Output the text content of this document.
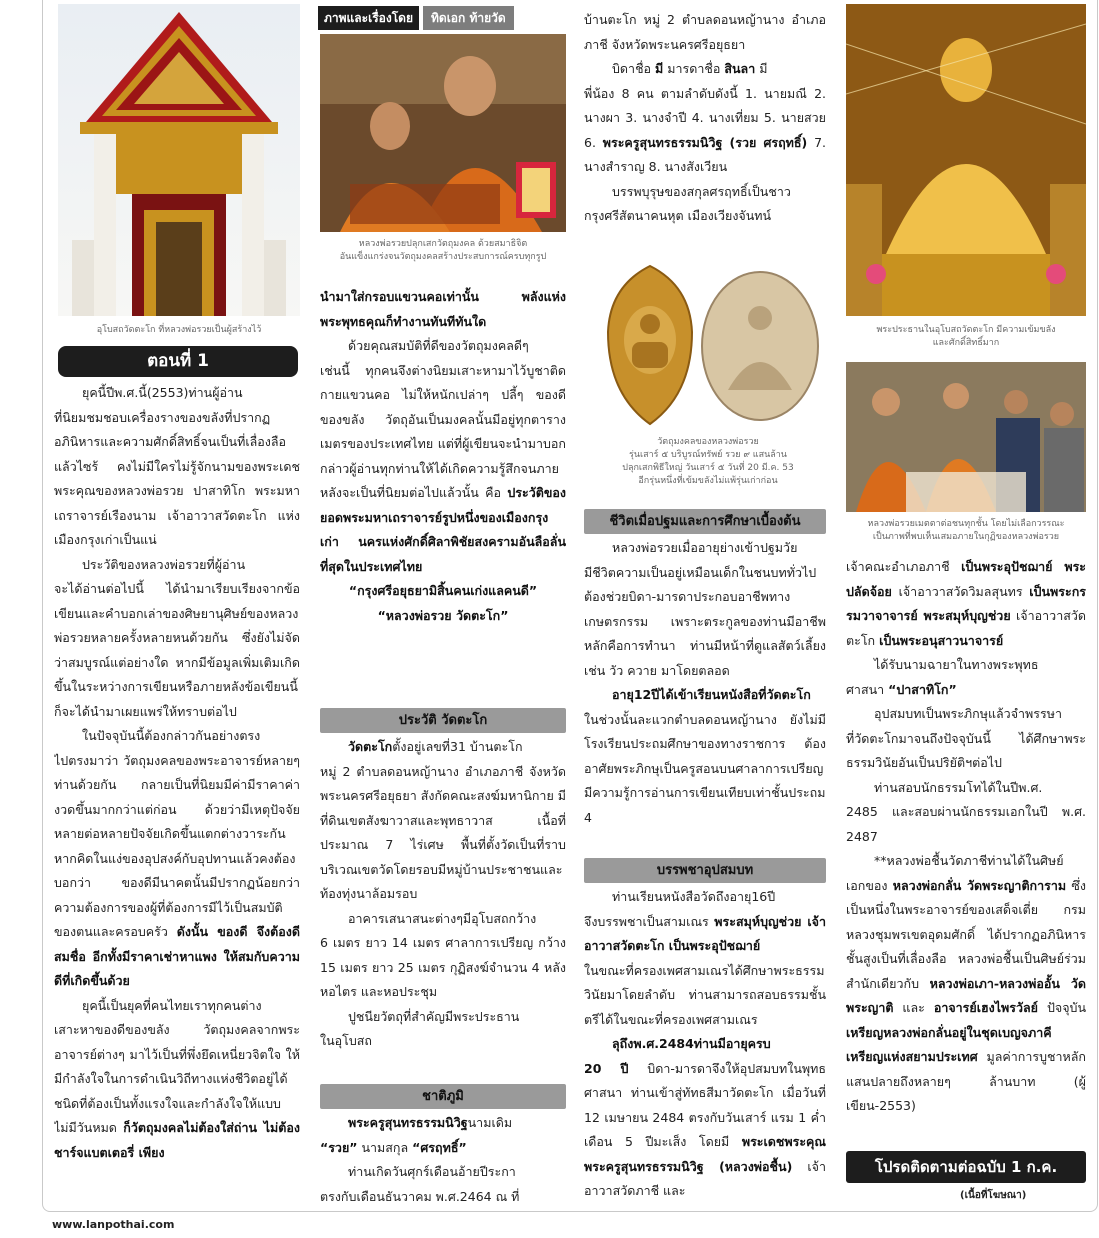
อุโบสถวัดตะโก ที่หลวงพ่อรวยเป็นผู้สร้างไว้
ตอนที่ 1

ยุคนี้ปีพ.ศ.นี้(2553)ท่านผู้อ่าน
ที่นิยมชมชอบเครื่องรางของขลังที่ปรากฏอภินิหารและความศักดิ์สิทธิ์จนเป็นที่เลื่องลือแล้วไซร้ คงไม่มีใครไม่รู้จักนามของพระเดชพระคุณของหลวงพ่อรวย ปาสาทิโก พระมหาเถราจารย์เรืองนาม เจ้าอาวาสวัดตะโก แห่งเมืองกรุงเก่าเป็นแน่

ประวัติของหลวงพ่อรวยที่ผู้อ่าน
จะได้อ่านต่อไปนี้ ได้นำมาเรียบเรียงจากข้อเขียนและคำบอกเล่าของศิษยานุศิษย์ของหลวงพ่อรวยหลายครั้งหลายหนด้วยกัน ซึ่งยังไม่จัดว่าสมบูรณ์แต่อย่างใด หากมีข้อมูลเพิ่มเติมเกิดขึ้นในระหว่างการเขียนหรือภายหลังข้อเขียนนี้ ก็จะได้นำมาเผยแพร่ให้ทราบต่อไป

ในปัจจุบันนี้ต้องกล่าวกันอย่างตรง
ไปตรงมาว่า วัตถุมงคลของพระอาจารย์หลายๆ ท่านด้วยกัน กลายเป็นที่นิยมมีค่ามีราคาค่างวดขึ้นมากกว่าแต่ก่อน ด้วยว่ามีเหตุปัจจัยหลายต่อหลายปัจจัยเกิดขึ้นแตกต่างวาระกัน หากคิดในแง่ของอุปสงค์กับอุปทานแล้วคงต้องบอกว่า ของดีมีนาคตนั้นมีปรากฏน้อยกว่าความต้องการของผู้ที่ต้องการมีไว้เป็นสมบัติของตนและครอบครัว ดังนั้น ของดี จึงต้องดีสมชื่อ อีกทั้งมีราคาเช่าหาแพง ให้สมกับความดีที่เกิดขึ้นด้วย

ยุคนี้เป็นยุคที่คนไทยเราทุกคนต่าง
เสาะหาของดีของขลัง วัตถุมงคลจากพระอาจารย์ต่างๆ มาไว้เป็นที่พึ่งยึดเหนี่ยวจิตใจ ให้มีกำลังใจในการดำเนินวิถีทางแห่งชีวิตอยู่ได้ ชนิดที่ต้องเป็นทั้งแรงใจและกำลังใจให้แบบไม่มีวันหมด ก็วัตถุมงคลไม่ต้องใส่ถ่าน ไม่ต้องชาร์จแบตเตอรี่ เพียง

ภาพและเรื่องโดย	ทิดเอก ท้ายวัด
หลวงพ่อรวยปลุกเสกวัตถุมงคล ด้วยสมาธิจิต
อันแข็งแกร่งจนวัตถุมงคลสร้างประสบการณ์ครบทุกรูป

นำมาใส่กรอบแขวนคอเท่านั้น พลังแห่งพระพุทธคุณก็ทำงานทันทีทันใด

ด้วยคุณสมบัติที่ดีของวัตถุมงคลดีๆ
เช่นนี้ ทุกคนจึงต่างนิยมเสาะหามาไว้บูชาติดกายแขวนคอ ไม่ให้หนักเปล่าๆ ปลี้ๆ ของดี ของขลัง วัตถุอันเป็นมงคลนั้นมีอยู่ทุกตารางเมตรของประเทศไทย แต่ที่ผู้เขียนจะนำมาบอกกล่าวผู้อ่านทุกท่านให้ได้เกิดความรู้สึกจนภายหลังจะเป็นที่นิยมต่อไปแล้วนั้น คือ ประวัติของยอดพระมหาเถราจารย์รูปหนึ่งของเมืองกรุงเก่า นครแห่งศักดิ์ศิลาพิชัยสงครามอันลือลั่นที่สุดในประเทศไทย

“กรุงศรีอยุธยามิสิ้นคนเก่งแลคนดี”

“หลวงพ่อรวย วัดตะโก”

ประวัติ วัดตะโก

วัดตะโกตั้งอยู่เลขที่31 บ้านตะโก
หมู่ 2 ตำบลดอนหญ้านาง อำเภอภาชี จังหวัดพระนครศรีอยุธยา สังกัดคณะสงฆ์มหานิกาย มีที่ดินเขตสังฆาวาสและพุทธาวาส เนื้อที่ประมาณ 7 ไร่เศษ พื้นที่ตั้งวัดเป็นที่ราบ บริเวณเขตวัดโดยรอบมีหมู่บ้านประชาชนและท้องทุ่งนาล้อมรอบ

อาคารเสนาสนะต่างๆมีอุโบสถกว้าง
6 เมตร ยาว 14 เมตร ศาลาการเปรียญ กว้าง 15 เมตร ยาว 25 เมตร กุฏิสงฆ์จำนวน 4 หลัง หอไตร และหอประชุม

ปูชนียวัตถุที่สำคัญมีพระประธาน
ในอุโบสถ

ชาติภูมิ

พระครูสุนทรธรรมนิวิฐนามเดิม
“รวย” นามสกุล “ศรฤทธิ์”

ท่านเกิดวันศุกร์เดือนอ้ายปีระกา
ตรงกับเดือนธันวาคม พ.ศ.2464 ณ ที่

บ้านตะโก หมู่ 2 ตำบลดอนหญ้านาง อำเภอภาชี จังหวัดพระนครศรีอยุธยา

บิดาชื่อ มี มารดาชื่อ สินลา มี
พี่น้อง 8 คน ตามลำดับดังนี้ 1. นายมณี 2. นางผา 3. นางจำปี 4. นางเที่ยม 5. นายสวย 6. พระครูสุนทรธรรมนิวิฐ (รวย ศรฤทธิ์) 7. นางสำราญ 8. นางสังเวียน

บรรพบุรุษของสกุลศรฤทธิ์เป็นชาว
กรุงศรีสัตนาคนหุต เมืองเวียงจันทน์

วัตถุมงคลของหลวงพ่อรวย
รุ่นเสาร์ ๕ บริบูรณ์ทรัพย์ รวย ๙ แสนล้าน
ปลุกเสกพิธีใหญ่ วันเสาร์ ๕ วันที่ 20 มี.ค. 53
อีกรุ่นหนึ่งที่เข้มขลังไม่แพ้รุ่นเก่าก่อน
ชีวิตเมื่อปฐมและการศึกษาเบื้องต้น

หลวงพ่อรวยเมื่ออายุย่างเข้าปฐมวัย
มีชีวิตความเป็นอยู่เหมือนเด็กในชนบททั่วไป ต้องช่วยบิดา-มารดาประกอบอาชีพทางเกษตรกรรม เพราะตระกูลของท่านมีอาชีพหลักคือการทำนา ท่านมีหน้าที่ดูแลสัตว์เลี้ยง เช่น วัว ควาย มาโดยตลอด

อายุ12ปีได้เข้าเรียนหนังสือที่วัดตะโก ในช่วงนั้นละแวกตำบลดอนหญ้านาง ยังไม่มีโรงเรียนประถมศึกษาของทางราชการ ต้องอาศัยพระภิกษุเป็นครูสอนบนศาลาการเปรียญ มีความรู้การอ่านการเขียนเทียบเท่าชั้นประถม 4

บรรพชาอุปสมบท

ท่านเรียนหนังสือวัดถึงอายุ16ปี
จึงบรรพชาเป็นสามเณร พระสมุห์บุญช่วย เจ้าอาวาสวัดตะโก เป็นพระอุปัชฌาย์
ในขณะที่ครองเพศสามเณรได้ศึกษาพระธรรมวินัยมาโดยลำดับ ท่านสามารถสอบธรรมชั้นตรีได้ในขณะที่ครองเพศสามเณร

ลุถึงพ.ศ.2484ท่านมีอายุครบ
20 ปี บิดา-มารดาจึงให้อุปสมบทในพุทธศาสนา ท่านเข้าสู่ทัทธสีมาวัดตะโก เมื่อวันที่ 12 เมษายน 2484 ตรงกับวันเสาร์ แรม 1 ค่ำ เดือน 5 ปีมะเส็ง โดยมี พระเดชพระคุณพระครูสุนทรธรรมนิวิฐ (หลวงพ่อชื้น) เจ้าอาวาสวัดภาชี และ

พระประธานในอุโบสถวัดตะโก มีความเข้มขลัง
และศักดิ์สิทธิ์มาก
หลวงพ่อรวยเมตตาต่อชนทุกชั้น โดยไม่เลือกวรรณะ
เป็นภาพที่พบเห็นเสมอภายในกุฏิของหลวงพ่อรวย

เจ้าคณะอำเภอภาชี เป็นพระอุปัชฌาย์ พระปลัดจ้อย เจ้าอาวาสวัดวิมลสุนทร เป็นพระกรรมวาจาจารย์ พระสมุห์บุญช่วย เจ้าอาวาสวัดตะโก เป็นพระอนุสาวนาจารย์

ได้รับนามฉายาในทางพระพุทธ
ศาสนา “ปาสาทิโก”

อุปสมบทเป็นพระภิกษุแล้วจำพรรษา
ที่วัดตะโกมาจนถึงปัจจุบันนี้ ได้ศึกษาพระธรรมวินัยอันเป็นปริยัติฯต่อไป

ท่านสอบนักธรรมโทได้ในปีพ.ศ.
2485 และสอบผ่านนักธรรมเอกในปี พ.ศ. 2487

**หลวงพ่อชื้นวัดภาชีท่านได้ในศิษย์
เอกของ หลวงพ่อกลั่น วัดพระญาติการาม ซึ่งเป็นหนึ่งในพระอาจารย์ของเสด็จเตี่ย กรมหลวงชุมพรเขตอุดมศักดิ์ ได้ปรากฏอภินิหารชั้นสูงเป็นที่เลื่องลือ หลวงพ่อชื้นเป็นศิษย์ร่วมสำนักเดียวกับ หลวงพ่อเภา-หลวงพ่ออั้น วัดพระญาติ และ อาจารย์เฮงไพรวัลย์ ปัจจุบัน เหรียญหลวงพ่อกลั่นอยู่ในชุดเบญจภาคีเหรียญแห่งสยามประเทศ มูลค่าการบูชาหลักแสนปลายถึงหลายๆ ล้านบาท (ผู้เขียน-2553)

โปรดติดตามต่อฉบับ 1 ก.ค.
(เนื้อที่โฆษณา)
www.lanpothai.com
